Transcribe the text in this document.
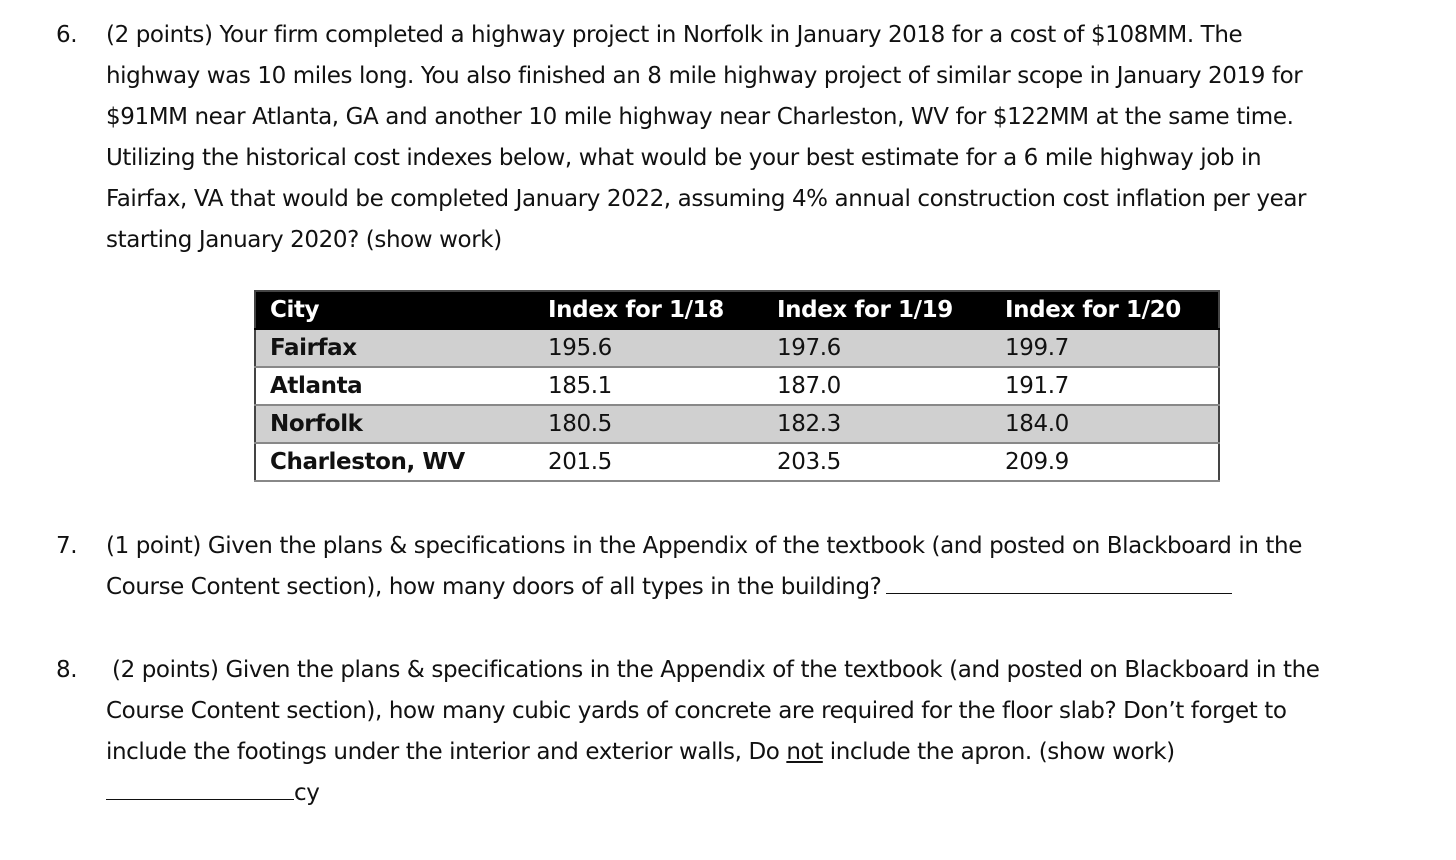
6. (2 points) Your firm completed a highway project in Norfolk in January 2018 for a cost of $108MM. The
highway was 10 miles long. You also finished an 8 mile highway project of similar scope in January 2019 for
$91MM near Atlanta, GA and another 10 mile highway near Charleston, WV for $122MM at the same time.
Utilizing the historical cost indexes below, what would be your best estimate for a 6 mile highway job in
Fairfax, VA that would be completed January 2022, assuming 4% annual construction cost inflation per year
starting January 2020? (show work)
City	Index for 1/18	Index for 1/19	Index for 1/20
Fairfax	195.6	197.6	199.7
Atlanta	185.1	187.0	191.7
Norfolk	180.5	182.3	184.0
Charleston, WV	201.5	203.5	209.9
7. (1 point) Given the plans & specifications in the Appendix of the textbook (and posted on Blackboard in the
Course Content section), how many doors of all types in the building?
8. (2 points) Given the plans & specifications in the Appendix of the textbook (and posted on Blackboard in the
Course Content section), how many cubic yards of concrete are required for the floor slab? Don’t forget to
include the footings under the interior and exterior walls, Do not include the apron. (show work)
cy
